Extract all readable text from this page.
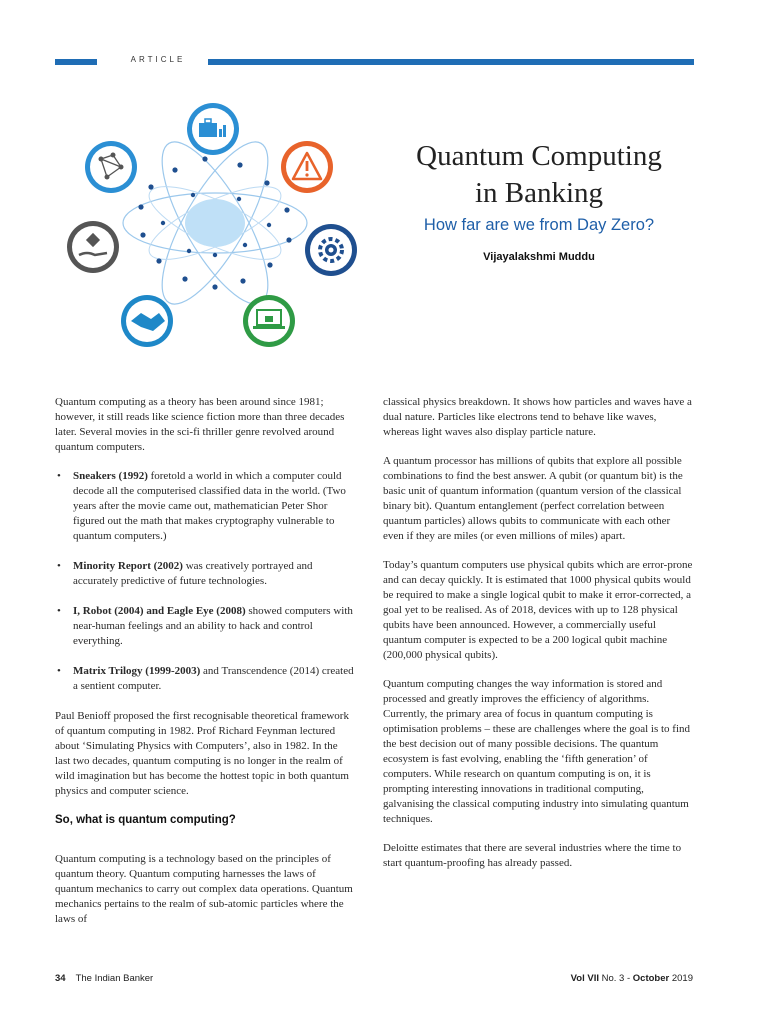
ARTICLE
Quantum Computing
in Banking
How far are we from Day Zero?
Vijayalakshmi Muddu

Quantum computing as a theory has been around since 1981; however, it still reads like science fiction more than three decades later. Several movies in the sci-fi thriller genre revolved around quantum computers.

• Sneakers (1992) foretold a world in which a computer could decode all the computerised classified data in the world. (Two years after the movie came out, mathematician Peter Shor figured out the math that makes cryptography vulnerable to quantum computers.)
• Minority Report (2002) was creatively portrayed and accurately predictive of future technologies.
• I, Robot (2004) and Eagle Eye (2008) showed computers with near-human feelings and an ability to hack and control everything.
• Matrix Trilogy (1999-2003) and Transcendence (2014) created a sentient computer.

Paul Benioff proposed the first recognisable theoretical framework of quantum computing in 1982. Prof Richard Feynman lectured about ‘Simulating Physics with Computers’, also in 1982. In the last two decades, quantum computing is no longer in the realm of wild imagination but has become the hottest topic in both quantum physics and computer science.

So, what is quantum computing?

Quantum computing is a technology based on the principles of quantum theory. Quantum computing harnesses the laws of quantum mechanics to carry out complex data operations. Quantum mechanics pertains to the realm of sub-atomic particles where the laws of

classical physics breakdown. It shows how particles and waves have a dual nature. Particles like electrons tend to behave like waves, whereas light waves also display particle nature.

A quantum processor has millions of qubits that explore all possible combinations to find the best answer. A qubit (or quantum bit) is the basic unit of quantum information (quantum version of the classical binary bit). Quantum entanglement (perfect correlation between quantum particles) allows qubits to communicate with each other even if they are miles (or even millions of miles) apart.

Today’s quantum computers use physical qubits which are error-prone and can decay quickly. It is estimated that 1000 physical qubits would be required to make a single logical qubit to make it error-corrected, a goal yet to be realised. As of 2018, devices with up to 128 physical qubits have been announced. However, a commercially useful quantum computer is expected to be a 200 logical qubit machine (200,000 physical qubits).

Quantum computing changes the way information is stored and processed and greatly improves the efficiency of algorithms. Currently, the primary area of focus in quantum computing is optimisation problems – these are challenges where the goal is to find the best decision out of many possible decisions. The quantum ecosystem is fast evolving, enabling the ‘fifth generation’ of computers. While research on quantum computing is on, it is prompting interesting innovations in traditional computing, galvanising the classical computing industry into simulating quantum techniques.

Deloitte estimates that there are several industries where the time to start quantum-proofing has already passed.

34 The Indian Banker	Vol VII No. 3 - October 2019
